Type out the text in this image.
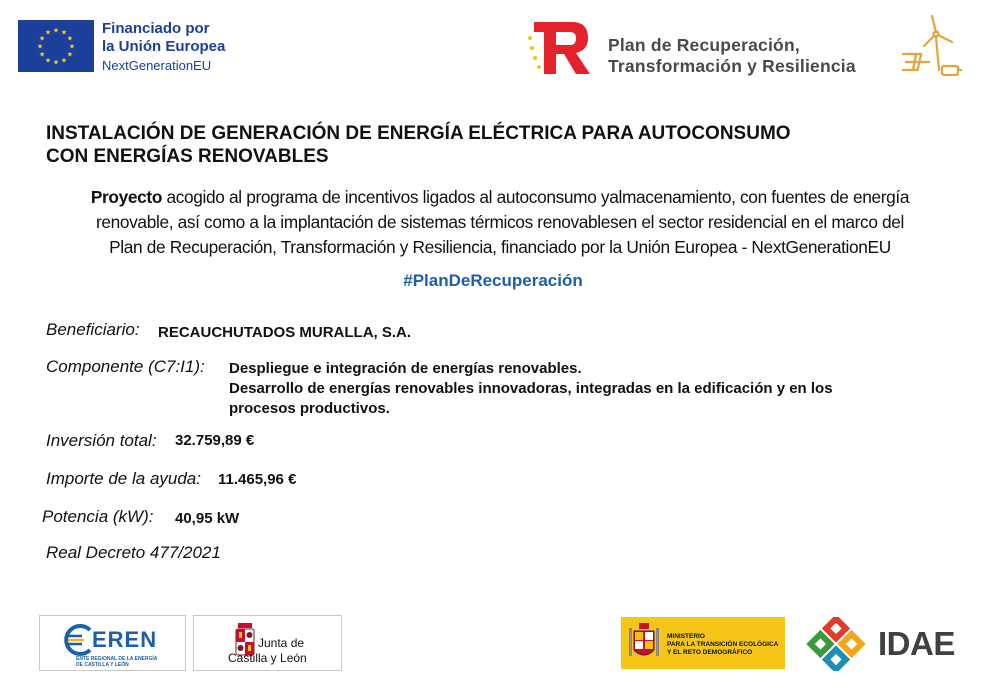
★
★
★
★
★
★
★
★
★ ★ ★
★
Financiado por
la Unión Europea
NextGenerationEU
Plan de Recuperación,
Transformación y Resiliencia
INSTALACIÓN DE GENERACIÓN DE ENERGÍA ELÉCTRICA PARA AUTOCONSUMO
CON ENERGÍAS RENOVABLES
Proyecto acogido al programa de incentivos ligados al autoconsumo yalmacenamiento, con fuentes de energía
renovable, así como a la implantación de sistemas térmicos renovablesen el sector residencial en el marco del
Plan de Recuperación, Transformación y Resiliencia, financiado por la Unión Europea - NextGenerationEU
#PlanDeRecuperación
Beneficiario: RECAUCHUTADOS MURALLA, S.A.
Componente (C7:I1): Despliegue e integración de energías renovables.
Desarrollo de energías renovables innovadoras, integradas en la edificación y en los
procesos productivos.
Inversión total: 32.759,89 €
Importe de la ayuda: 11.465,96 €
Potencia (kW): 40,95 kW
Real Decreto 477/2021
EREN
ENTE REGIONAL DE LA ENERGÍA
DE CASTILLA Y LEÓN
Junta de
Castilla y León
MINISTERIO
PARA LA TRANSICIÓN ECOLÓGICA
Y EL RETO DEMOGRÁFICO	IDAE
